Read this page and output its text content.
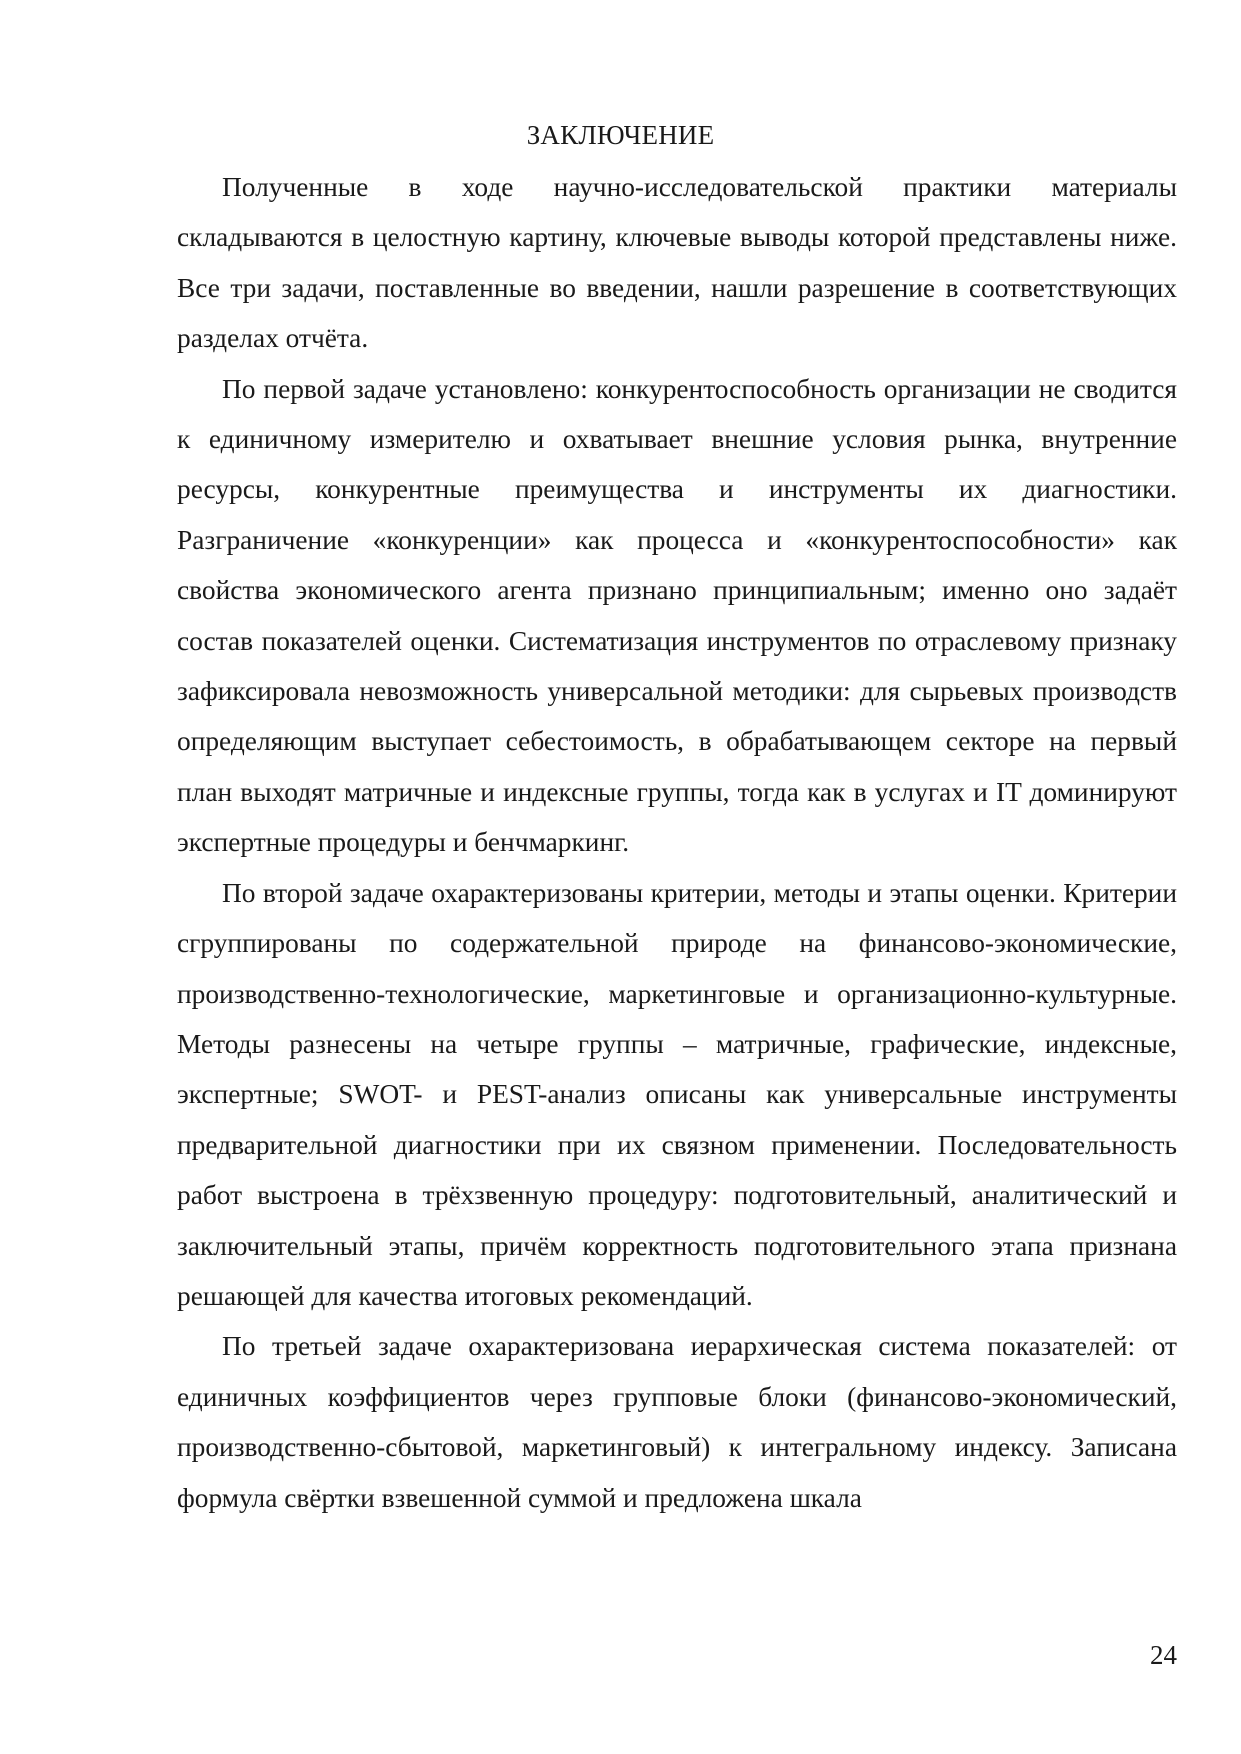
ЗАКЛЮЧЕНИЕ

Полученные в ходе научно-исследовательской практики материалы складываются в целостную картину, ключевые выводы которой представлены ниже. Все три задачи, поставленные во введении, нашли разрешение в соответствующих разделах отчёта.

По первой задаче установлено: конкурентоспособность организации не сводится к единичному измерителю и охватывает внешние условия рынка, внутренние ресурсы, конкурентные преимущества и инструменты их диагностики. Разграничение «конкуренции» как процесса и «конкурентоспособности» как свойства экономического агента признано принципиальным; именно оно задаёт состав показателей оценки. Систематизация инструментов по отраслевому признаку зафиксировала невозможность универсальной методики: для сырьевых производств определяющим выступает себестоимость, в обрабатывающем секторе на первый план выходят матричные и индексные группы, тогда как в услугах и IT доминируют экспертные процедуры и бенчмаркинг.

По второй задаче охарактеризованы критерии, методы и этапы оценки. Критерии сгруппированы по содержательной природе на финансово-экономические, производственно-технологические, маркетинговые и организационно-культурные. Методы разнесены на четыре группы – матричные, графические, индексные, экспертные; SWOT- и PEST-анализ описаны как универсальные инструменты предварительной диагностики при их связном применении. Последовательность работ выстроена в трёхзвенную процедуру: подготовительный, аналитический и заключительный этапы, причём корректность подготовительного этапа признана решающей для качества итоговых рекомендаций.

По третьей задаче охарактеризована иерархическая система показателей: от единичных коэффициентов через групповые блоки (финансово-экономический, производственно-сбытовой, маркетинговый) к интегральному индексу. Записана формула свёртки взвешенной суммой и предложена шкала

24
